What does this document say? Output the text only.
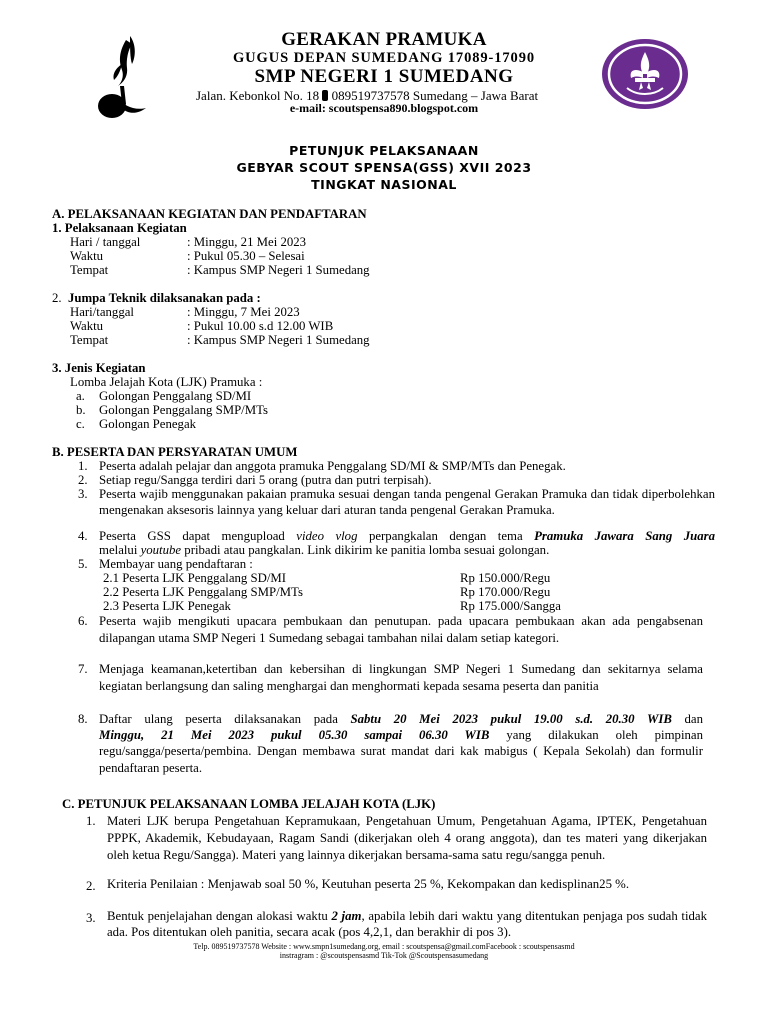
GERAKAN PRAMUKA
GUGUS DEPAN SUMEDANG 17089-17090
SMP NEGERI 1 SUMEDANG
Jalan. Kebonkol No. 18 089519737578 Sumedang – Jawa Barat
e-mail: scoutspensa890.blogspot.com
PETUNJUK PELAKSANAAN
GEBYAR SCOUT SPENSA(GSS) XVII 2023
TINGKAT NASIONAL
A. PELAKSANAAN KEGIATAN DAN PENDAFTARAN
1. Pelaksanaan Kegiatan
Hari / tanggal	: Minggu, 21 Mei 2023
Waktu	: Pukul 05.30 – Selesai
Tempat	: Kampus SMP Negeri 1 Sumedang
2. Jumpa Teknik dilaksanakan pada :
Hari/tanggal	: Minggu, 7 Mei 2023
Waktu	: Pukul 10.00 s.d 12.00 WIB
Tempat	: Kampus SMP Negeri 1 Sumedang
3. Jenis Kegiatan
Lomba Jelajah Kota (LJK) Pramuka :
a. Golongan Penggalang SD/MI
b. Golongan Penggalang SMP/MTs
c. Golongan Penegak
B. PESERTA DAN PERSYARATAN UMUM
1. Peserta adalah pelajar dan anggota pramuka Penggalang SD/MI & SMP/MTs dan Penegak.
2. Setiap regu/Sangga terdiri dari 5 orang (putra dan putri terpisah).
3. Peserta wajib menggunakan pakaian pramuka sesuai dengan tanda pengenal Gerakan Pramuka dan tidak diperbolehkan mengenakan aksesoris lainnya yang keluar dari aturan tanda pengenal Gerakan Pramuka.
4. Peserta GSS dapat mengupload video vlog perpangkalan dengan tema Pramuka Jawara Sang Juara
melalui youtube pribadi atau pangkalan. Link dikirim ke panitia lomba sesuai golongan.
5. Membayar uang pendaftaran :
2.1 Peserta LJK Penggalang SD/MI	Rp 150.000/Regu
2.2 Peserta LJK Penggalang SMP/MTs	Rp 170.000/Regu
2.3 Peserta LJK Penegak	Rp 175.000/Sangga
6. Peserta wajib mengikuti upacara pembukaan dan penutupan. pada upacara pembukaan akan ada pengabsenan dilapangan utama SMP Negeri 1 Sumedang sebagai tambahan nilai dalam setiap kategori.
7. Menjaga keamanan,ketertiban dan kebersihan di lingkungan SMP Negeri 1 Sumedang dan sekitarnya selama kegiatan berlangsung dan saling menghargai dan menghormati kepada sesama peserta dan panitia
8. Daftar ulang peserta dilaksanakan pada Sabtu 20 Mei 2023 pukul 19.00 s.d. 20.30 WIB dan
Minggu, 21 Mei 2023 pukul 05.30 sampai 06.30 WIB yang dilakukan oleh pimpinan
regu/sangga/peserta/pembina. Dengan membawa surat mandat dari kak mabigus ( Kepala Sekolah) dan formulir pendaftaran peserta.
C. PETUNJUK PELAKSANAAN LOMBA JELAJAH KOTA (LJK)
1. Materi LJK berupa Pengetahuan Kepramukaan, Pengetahuan Umum, Pengetahuan Agama, IPTEK, Pengetahuan PPPK, Akademik, Kebudayaan, Ragam Sandi (dikerjakan oleh 4 orang anggota), dan tes materi yang dikerjakan oleh ketua Regu/Sangga). Materi yang lainnya dikerjakan bersama-sama satu regu/sangga penuh.
2. Kriteria Penilaian : Menjawab soal 50 %, Keutuhan peserta 25 %, Kekompakan dan kedisplinan25 %.
3. Bentuk penjelajahan dengan alokasi waktu 2 jam, apabila lebih dari waktu yang ditentukan penjaga pos sudah tidak ada. Pos ditentukan oleh panitia, secara acak (pos 4,2,1, dan berakhir di pos 3).
Telp. 089519737578 Website : www.smpn1sumedang.org, email : scoutspensa@gmail.comFacebook : scoutspensasmd
instragram : @scoutspensasmd Tik-Tok @Scoutspensasumedang
